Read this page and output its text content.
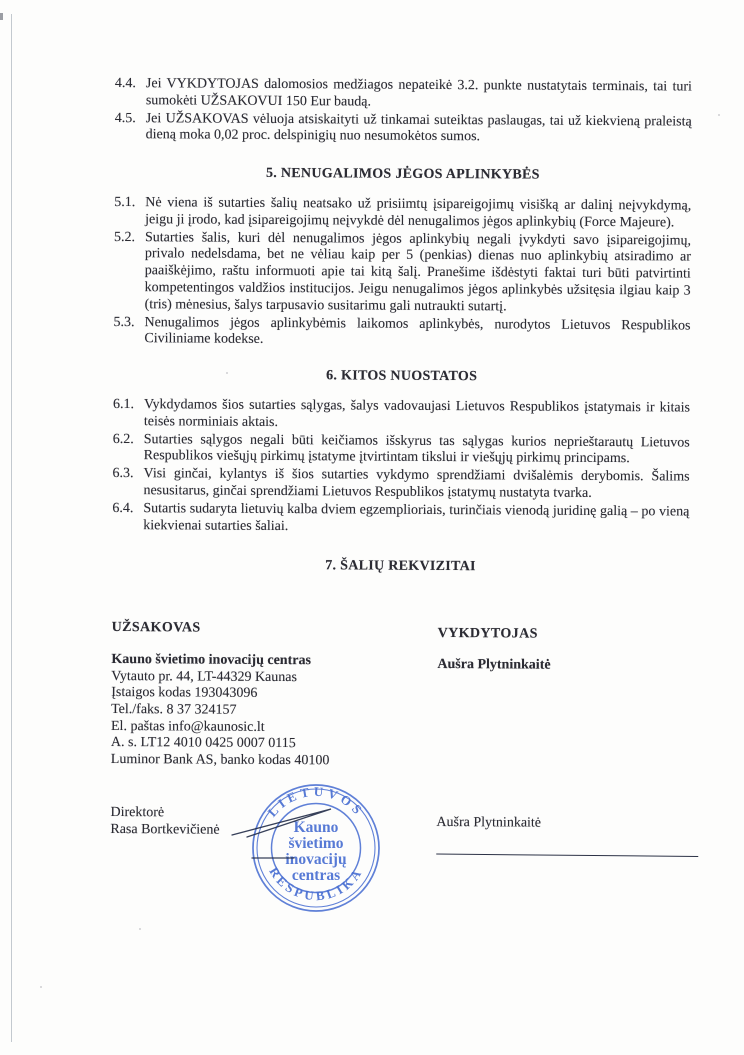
4.4. Jei VYKDYTOJAS dalomosios medžiagos nepateikė 3.2. punkte nustatytais terminais, tai turi sumokėti UŽSAKOVUI 150 Eur baudą.
4.5. Jei UŽSAKOVAS vėluoja atsiskaityti už tinkamai suteiktas paslaugas, tai už kiekvieną praleistą dieną moka 0,02 proc. delspinigių nuo nesumokėtos sumos.
5. NENUGALIMOS JĖGOS APLINKYBĖS
5.1. Nė viena iš sutarties šalių neatsako už prisiimtų įsipareigojimų visišką ar dalinį neįvykdymą, jeigu ji įrodo, kad įsipareigojimų neįvykdė dėl nenugalimos jėgos aplinkybių (Force Majeure).
5.2. Sutarties šalis, kuri dėl nenugalimos jėgos aplinkybių negali įvykdyti savo įsipareigojimų, privalo nedelsdama, bet ne vėliau kaip per 5 (penkias) dienas nuo aplinkybių atsiradimo ar paaiškėjimo, raštu informuoti apie tai kitą šalį. Pranešime išdėstyti faktai turi būti patvirtinti kompetentingos valdžios institucijos. Jeigu nenugalimos jėgos aplinkybės užsitęsia ilgiau kaip 3 (tris) mėnesius, šalys tarpusavio susitarimu gali nutraukti sutartį.
5.3. Nenugalimos jėgos aplinkybėmis laikomos aplinkybės, nurodytos Lietuvos Respublikos Civiliniame kodekse.
6. KITOS NUOSTATOS
6.1. Vykdydamos šios sutarties sąlygas, šalys vadovaujasi Lietuvos Respublikos įstatymais ir kitais teisės norminiais aktais.
6.2. Sutarties sąlygos negali būti keičiamos išskyrus tas sąlygas kurios neprieštarautų Lietuvos Respublikos viešųjų pirkimų įstatyme įtvirtintam tikslui ir viešųjų pirkimų principams.
6.3. Visi ginčai, kylantys iš šios sutarties vykdymo sprendžiami dvišalėmis derybomis. Šalims nesusitarus, ginčai sprendžiami Lietuvos Respublikos įstatymų nustatyta tvarka.
6.4. Sutartis sudaryta lietuvių kalba dviem egzemplioriais, turinčiais vienodą juridinę galią – po vieną kiekvienai sutarties šaliai.
7. ŠALIŲ REKVIZITAI
UŽSAKOVAS
Kauno švietimo inovacijų centras
Vytauto pr. 44, LT-44329 Kaunas
Įstaigos kodas 193043096
Tel./faks. 8 37 324157
El. paštas info@kaunosic.lt
A. s. LT12 4010 0425 0007 0115
Luminor Bank AS, banko kodas 40100
VYKDYTOJAS
Aušra Plytninkaitė
Direktorė
Rasa Bortkevičienė	Aušra Plytninkaitė
LIETUVOS
RESPUBLIKA
Kauno
švietimo
inovacijų
centras
